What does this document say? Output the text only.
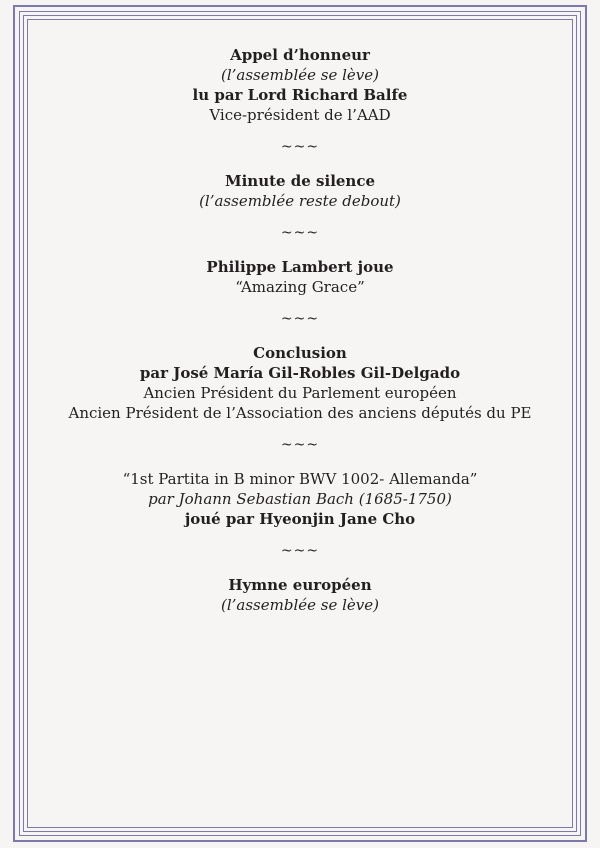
Appel d’honneur
(l’assemblée se lève)
lu par Lord Richard Balfe
Vice-président de l’AAD
~~~
Minute de silence
(l’assemblée reste debout)
~~~
Philippe Lambert joue
“Amazing Grace”
~~~
Conclusion
par José María Gil-Robles Gil-Delgado
Ancien Président du Parlement européen
Ancien Président de l’Association des anciens députés du PE
~~~
“1st Partita in B minor BWV 1002- Allemanda”
par Johann Sebastian Bach (1685-1750)
joué par Hyeonjin Jane Cho
~~~
Hymne européen
(l’assemblée se lève)
